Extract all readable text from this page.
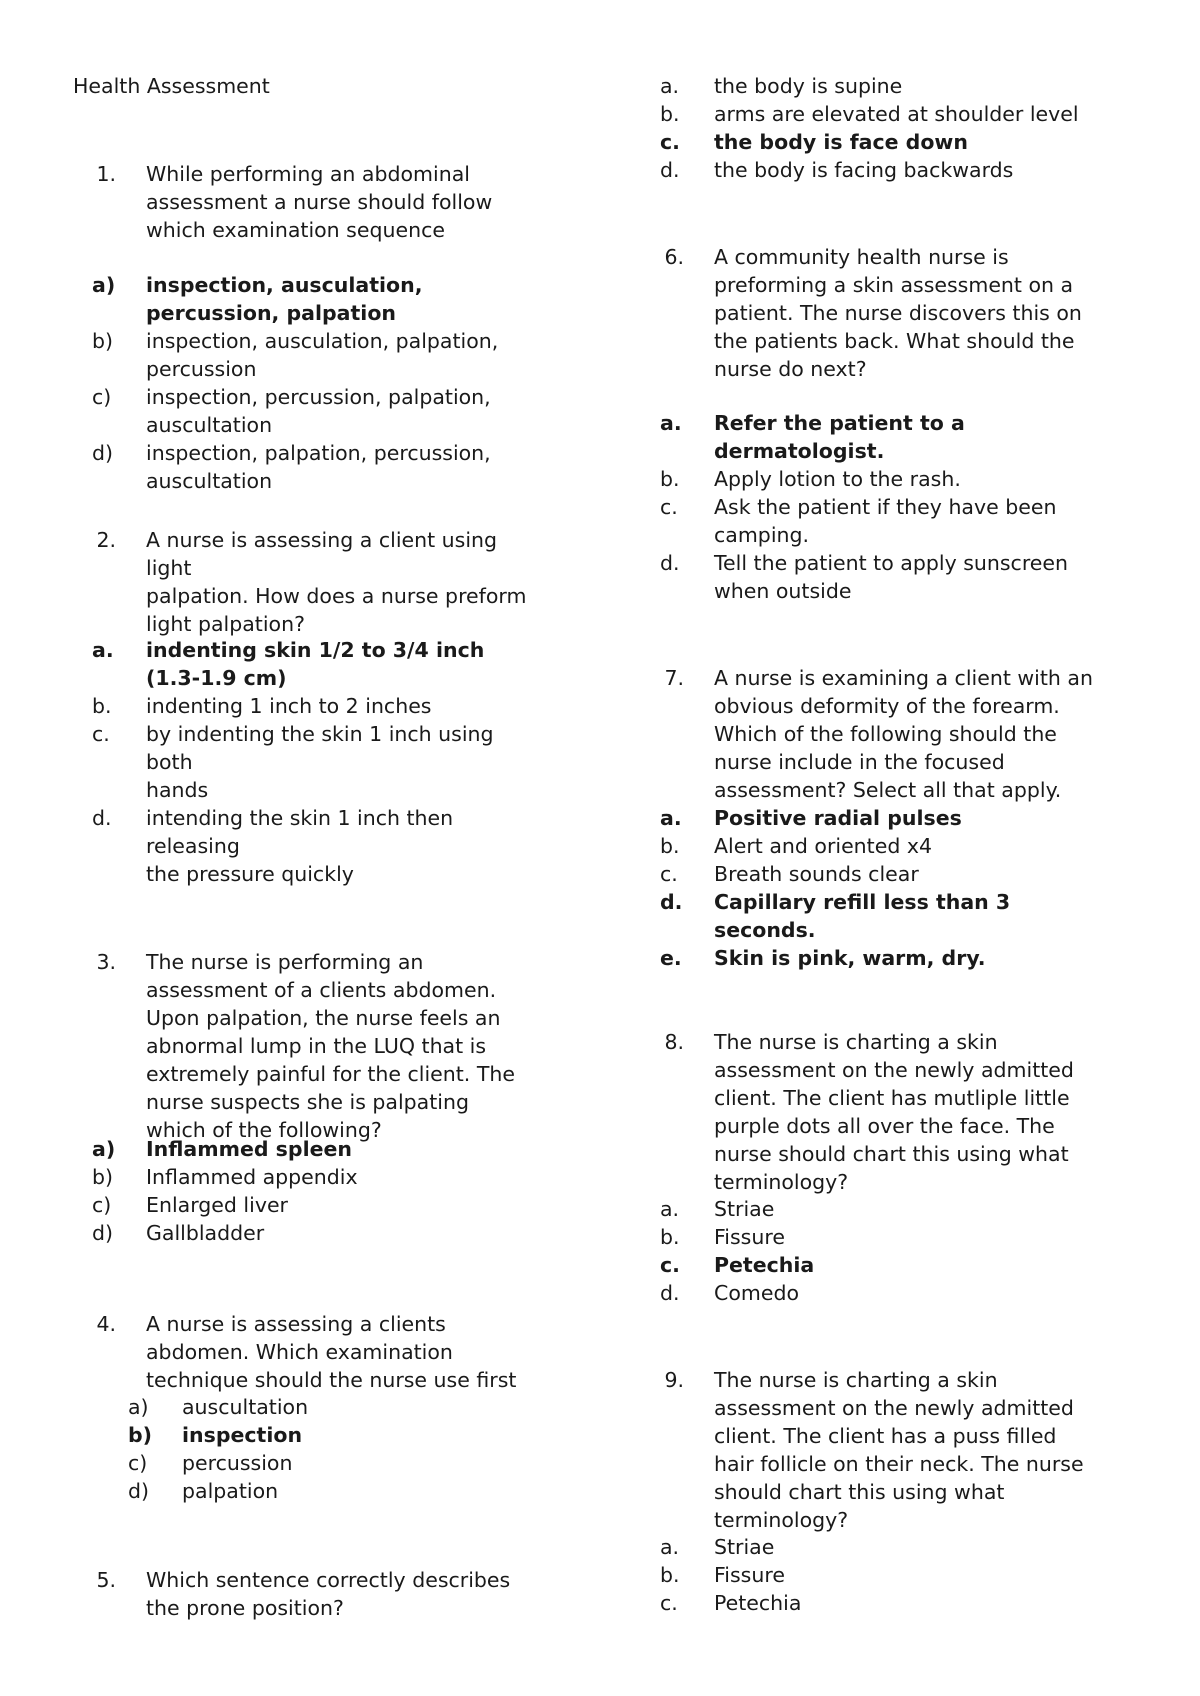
Health Assessment
1. While performing an abdominal
assessment a nurse should follow
which examination sequence
a) inspection, ausculation,
percussion, palpation
b) inspection, ausculation, palpation,
percussion
c) inspection, percussion, palpation,
auscultation
d) inspection, palpation, percussion,
auscultation
2. A nurse is assessing a client using
light
palpation. How does a nurse preform
light palpation?
a. indenting skin 1/2 to 3/4 inch
(1.3-1.9 cm)
b. indenting 1 inch to 2 inches
c. by indenting the skin 1 inch using
both
hands
d. intending the skin 1 inch then
releasing
the pressure quickly
3. The nurse is performing an
assessment of a clients abdomen.
Upon palpation, the nurse feels an
abnormal lump in the LUQ that is
extremely painful for the client. The
nurse suspects she is palpating
which of the following?
a) Inflammed spleen
b) Inflammed appendix
c) Enlarged liver
d) Gallbladder
4. A nurse is assessing a clients
abdomen. Which examination
technique should the nurse use first
a) auscultation
b) inspection
c) percussion
d) palpation
5. Which sentence correctly describes
the prone position?
a. the body is supine
b. arms are elevated at shoulder level
c. the body is face down
d. the body is facing backwards
6. A community health nurse is
preforming a skin assessment on a
patient. The nurse discovers this on
the patients back. What should the
nurse do next?
a. Refer the patient to a
dermatologist.
b. Apply lotion to the rash.
c. Ask the patient if they have been
camping.
d. Tell the patient to apply sunscreen
when outside
7. A nurse is examining a client with an
obvious deformity of the forearm.
Which of the following should the
nurse include in the focused
assessment? Select all that apply.
a. Positive radial pulses
b. Alert and oriented x4
c. Breath sounds clear
d. Capillary refill less than 3
seconds.
e. Skin is pink, warm, dry.
8. The nurse is charting a skin
assessment on the newly admitted
client. The client has mutliple little
purple dots all over the face. The
nurse should chart this using what
terminology?
a. Striae
b. Fissure
c. Petechia
d. Comedo
9. The nurse is charting a skin
assessment on the newly admitted
client. The client has a puss filled
hair follicle on their neck. The nurse
should chart this using what
terminology?
a. Striae
b. Fissure
c. Petechia
